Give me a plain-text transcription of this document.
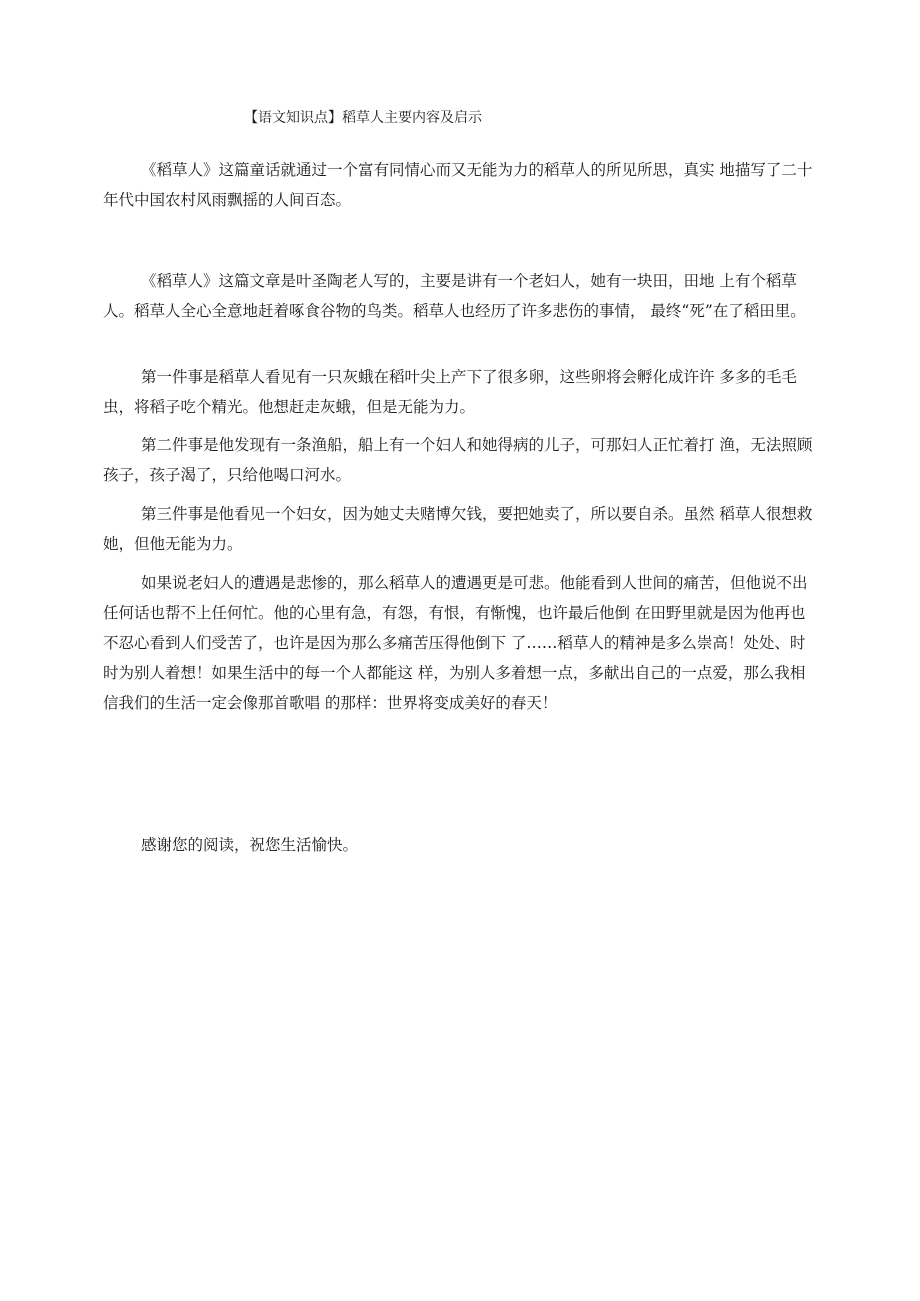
【语文知识点】稻草人主要内容及启示

《稻草人》这篇童话就通过一个富有同情心而又无能为力的稻草人的所见所思，真实 地描写了二十年代中国农村风雨飘摇的人间百态。

《稻草人》这篇文章是叶圣陶老人写的，主要是讲有一个老妇人，她有一块田，田地 上有个稻草人。稻草人全心全意地赶着啄食谷物的鸟类。稻草人也经历了许多悲伤的事情， 最终“死”在了稻田里。

第一件事是稻草人看见有一只灰蛾在稻叶尖上产下了很多卵，这些卵将会孵化成许许 多多的毛毛虫，将稻子吃个精光。他想赶走灰蛾，但是无能为力。

第二件事是他发现有一条渔船，船上有一个妇人和她得病的儿子，可那妇人正忙着打 渔，无法照顾孩子，孩子渴了，只给他喝口河水。

第三件事是他看见一个妇女，因为她丈夫赌博欠钱，要把她卖了，所以要自杀。虽然 稻草人很想救她，但他无能为力。

如果说老妇人的遭遇是悲惨的，那么稻草人的遭遇更是可悲。他能看到人世间的痛苦，但他说不出任何话也帮不上任何忙。他的心里有急，有怨，有恨，有惭愧，也许最后他倒 在田野里就是因为他再也不忍心看到人们受苦了，也许是因为那么多痛苦压得他倒下 了……稻草人的精神是多么崇高！处处、时时为别人着想！如果生活中的每一个人都能这 样，为别人多着想一点，多献出自己的一点爱，那么我相信我们的生活一定会像那首歌唱 的那样：世界将变成美好的春天！

感谢您的阅读，祝您生活愉快。
